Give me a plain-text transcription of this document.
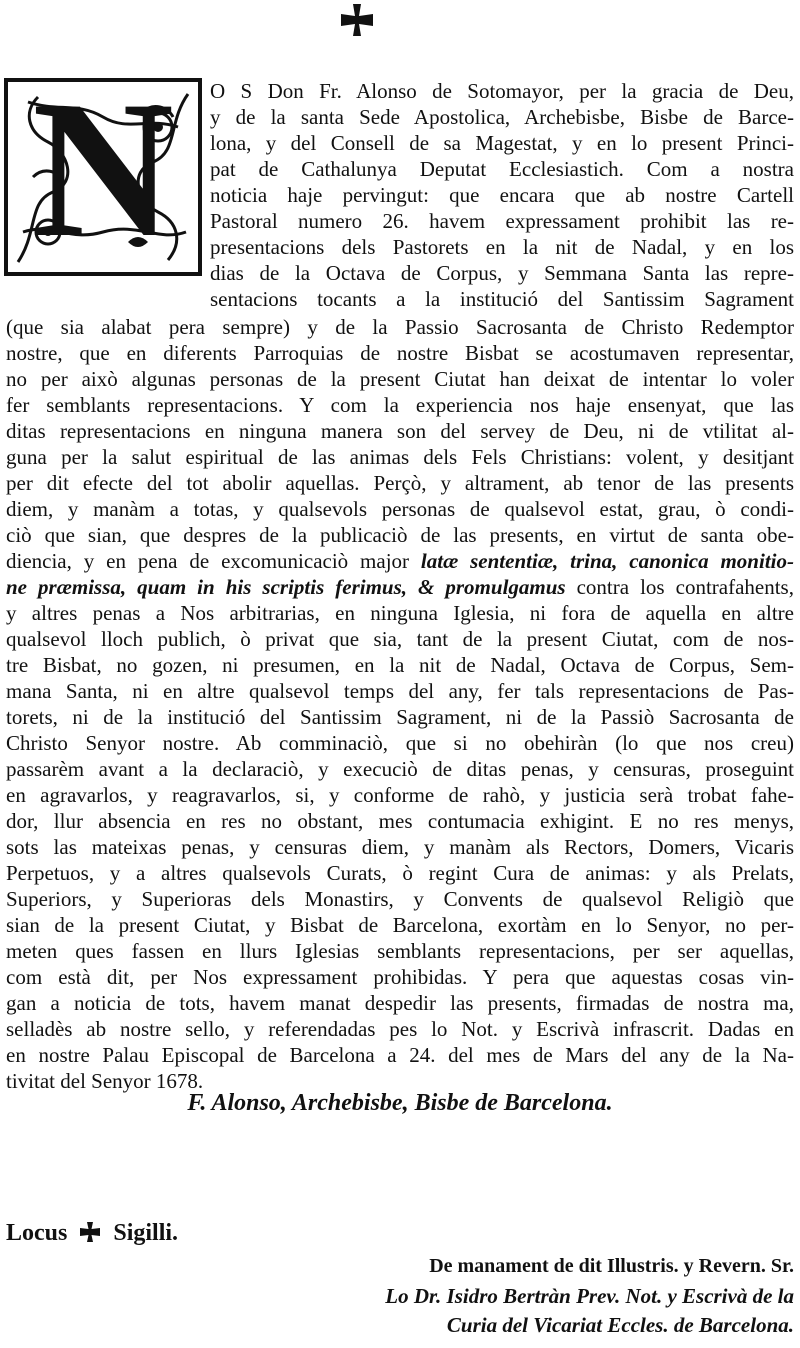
N	O S Don Fr. Alonso de Sotomayor, per la gracia de Deu,
y de la santa Sede Apostolica, Archebisbe, Bisbe de Barce-
lona, y del Consell de sa Magestat, y en lo present Princi-
pat de Cathalunya Deputat Ecclesiastich. Com a nostra
noticia haje pervingut: que encara que ab nostre Cartell
Pastoral numero 26. havem expressament prohibit las re-
presentacions dels Pastorets en la nit de Nadal, y en los
dias de la Octava de Corpus, y Semmana Santa las repre-
sentacions tocants a la institució del Santissim Sagrament
(que sia alabat pera sempre) y de la Passio Sacrosanta de Christo Redemptor
nostre, que en diferents Parroquias de nostre Bisbat se acostumaven representar,
no per això algunas personas de la present Ciutat han deixat de intentar lo voler
fer semblants representacions. Y com la experiencia nos haje ensenyat, que las
ditas representacions en ninguna manera son del servey de Deu, ni de vtilitat al-
guna per la salut espiritual de las animas dels Fels Christians: volent, y desitjant
per dit efecte del tot abolir aquellas. Perçò, y altrament, ab tenor de las presents
diem, y manàm a totas, y qualsevols personas de qualsevol estat, grau, ò condi-
ciò que sian, que despres de la publicaciò de las presents, en virtut de santa obe-
diencia, y en pena de excomunicaciò major latæ sententiæ, trina, canonica monitio-
ne præmissa, quam in his scriptis ferimus, & promulgamus contra los contrafahents,
y altres penas a Nos arbitrarias, en ninguna Iglesia, ni fora de aquella en altre
qualsevol lloch publich, ò privat que sia, tant de la present Ciutat, com de nos-
tre Bisbat, no gozen, ni presumen, en la nit de Nadal, Octava de Corpus, Sem-
mana Santa, ni en altre qualsevol temps del any, fer tals representacions de Pas-
torets, ni de la institució del Santissim Sagrament, ni de la Passiò Sacrosanta de
Christo Senyor nostre. Ab comminaciò, que si no obehiràn (lo que nos creu)
passarèm avant a la declaraciò, y execuciò de ditas penas, y censuras, proseguint
en agravarlos, y reagravarlos, si, y conforme de rahò, y justicia serà trobat fahe-
dor, llur absencia en res no obstant, mes contumacia exhigint. E no res menys,
sots las mateixas penas, y censuras diem, y manàm als Rectors, Domers, Vicaris
Perpetuos, y a altres qualsevols Curats, ò regint Cura de animas: y als Prelats,
Superiors, y Superioras dels Monastirs, y Convents de qualsevol Religiò que
sian de la present Ciutat, y Bisbat de Barcelona, exortàm en lo Senyor, no per-
meten ques fassen en llurs Iglesias semblants representacions, per ser aquellas,
com està dit, per Nos expressament prohibidas. Y pera que aquestas cosas vin-
gan a noticia de tots, havem manat despedir las presents, firmadas de nostra ma,
selladès ab nostre sello, y referendadas pes lo Not. y Escrivà infrascrit. Dadas en
en nostre Palau Episcopal de Barcelona a 24. del mes de Mars del any de la Na-
tivitat del Senyor 1678.
F. Alonso, Archebisbe, Bisbe de Barcelona.
Locus Sigilli.
De manament de dit Illustris. y Revern. Sr.
Lo Dr. Isidro Bertràn Prev. Not. y Escrivà de la
Curia del Vicariat Eccles. de Barcelona.
